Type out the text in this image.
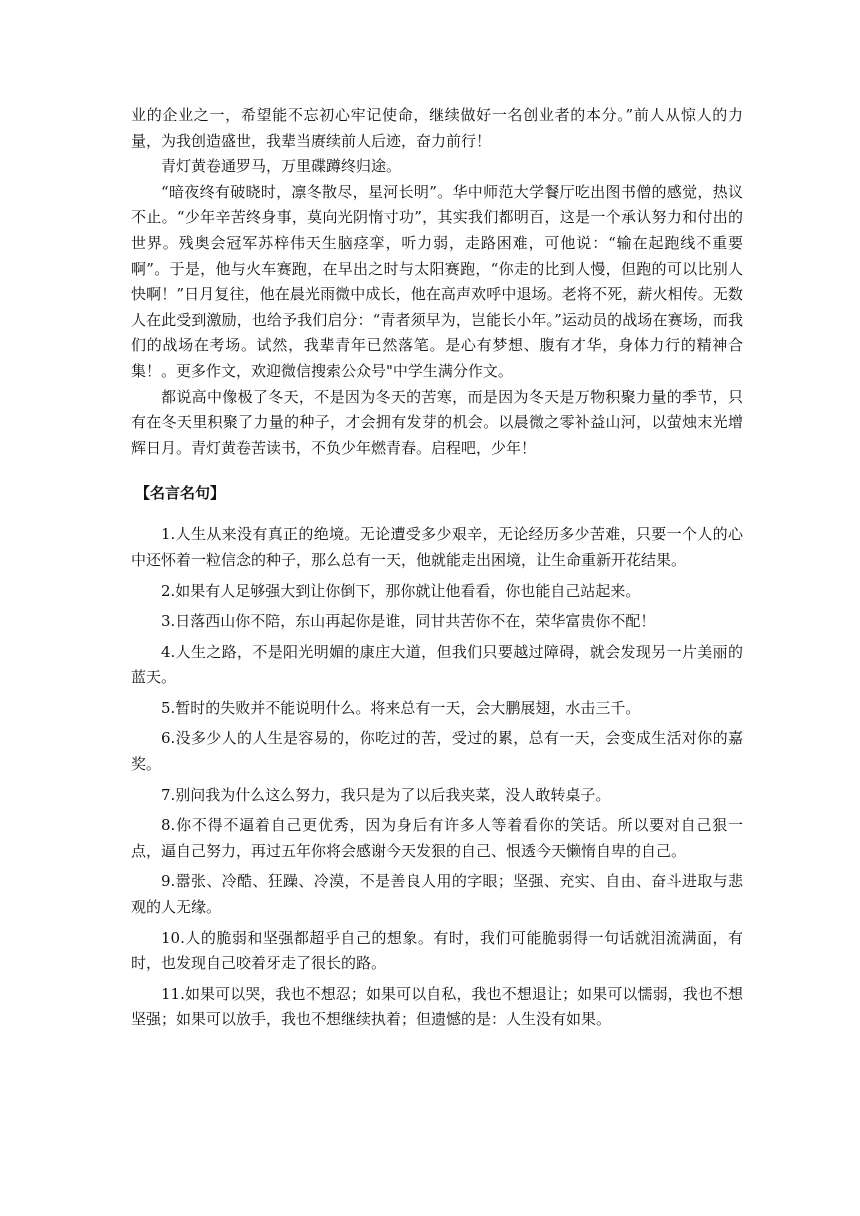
业的企业之一，希望能不忘初心牢记使命，继续做好一名创业者的本分。”前人从惊人的力量，为我创造盛世，我辈当赓续前人后迹，奋力前行！

青灯黄卷通罗马，万里碟蹲终归途。

“暗夜终有破晓时，凛冬散尽，星河长明”。华中师范大学餐厅吃出图书僧的感觉，热议不止。“少年辛苦终身事，莫向光阴惰寸功”，其实我们都明百，这是一个承认努力和付出的世界。残奥会冠军苏梓伟天生脑痉挛，听力弱，走路困难，可他说：“输在起跑线不重要啊”。于是，他与火车赛跑，在早出之时与太阳赛跑，“你走的比到人慢，但跑的可以比别人快啊！”日月复往，他在晨光雨微中成长，他在高声欢呼中退场。老将不死，薪火相传。无数人在此受到激励，也给予我们启分：“青者须早为，岂能长小年。”运动员的战场在赛场，而我们的战场在考场。试然，我辈青年已然落笔。是心有梦想、腹有才华，身体力行的精神合集！。更多作文，欢迎微信搜索公众号"中学生满分作文。

都说高中像极了冬天，不是因为冬天的苦寒，而是因为冬天是万物积聚力量的季节，只有在冬天里积聚了力量的种子，才会拥有发芽的机会。以晨微之零补益山河，以萤烛末光增辉日月。青灯黄卷苦读书，不负少年燃青春。启程吧，少年！

【名言名句】

1.人生从来没有真正的绝境。无论遭受多少艰辛，无论经历多少苦难，只要一个人的心中还怀着一粒信念的种子，那么总有一天，他就能走出困境，让生命重新开花结果。

2.如果有人足够强大到让你倒下，那你就让他看看，你也能自己站起来。

3.日落西山你不陪，东山再起你是谁，同甘共苦你不在，荣华富贵你不配！

4.人生之路，不是阳光明媚的康庄大道，但我们只要越过障碍，就会发现另一片美丽的蓝天。

5.暂时的失败并不能说明什么。将来总有一天，会大鹏展翅，水击三千。

6.没多少人的人生是容易的，你吃过的苦，受过的累，总有一天，会变成生活对你的嘉奖。

7.别问我为什么这么努力，我只是为了以后我夹菜，没人敢转桌子。

8.你不得不逼着自己更优秀，因为身后有许多人等着看你的笑话。所以要对自己狠一点，逼自己努力，再过五年你将会感谢今天发狠的自己、恨透今天懒惰自卑的自己。

9.嚣张、冷酷、狂躁、冷漠，不是善良人用的字眼；坚强、充实、自由、奋斗进取与悲观的人无缘。

10.人的脆弱和坚强都超乎自己的想象。有时，我们可能脆弱得一句话就泪流满面，有时，也发现自己咬着牙走了很长的路。

11.如果可以哭，我也不想忍；如果可以自私，我也不想退让；如果可以懦弱，我也不想坚强；如果可以放手，我也不想继续执着；但遗憾的是：人生没有如果。
